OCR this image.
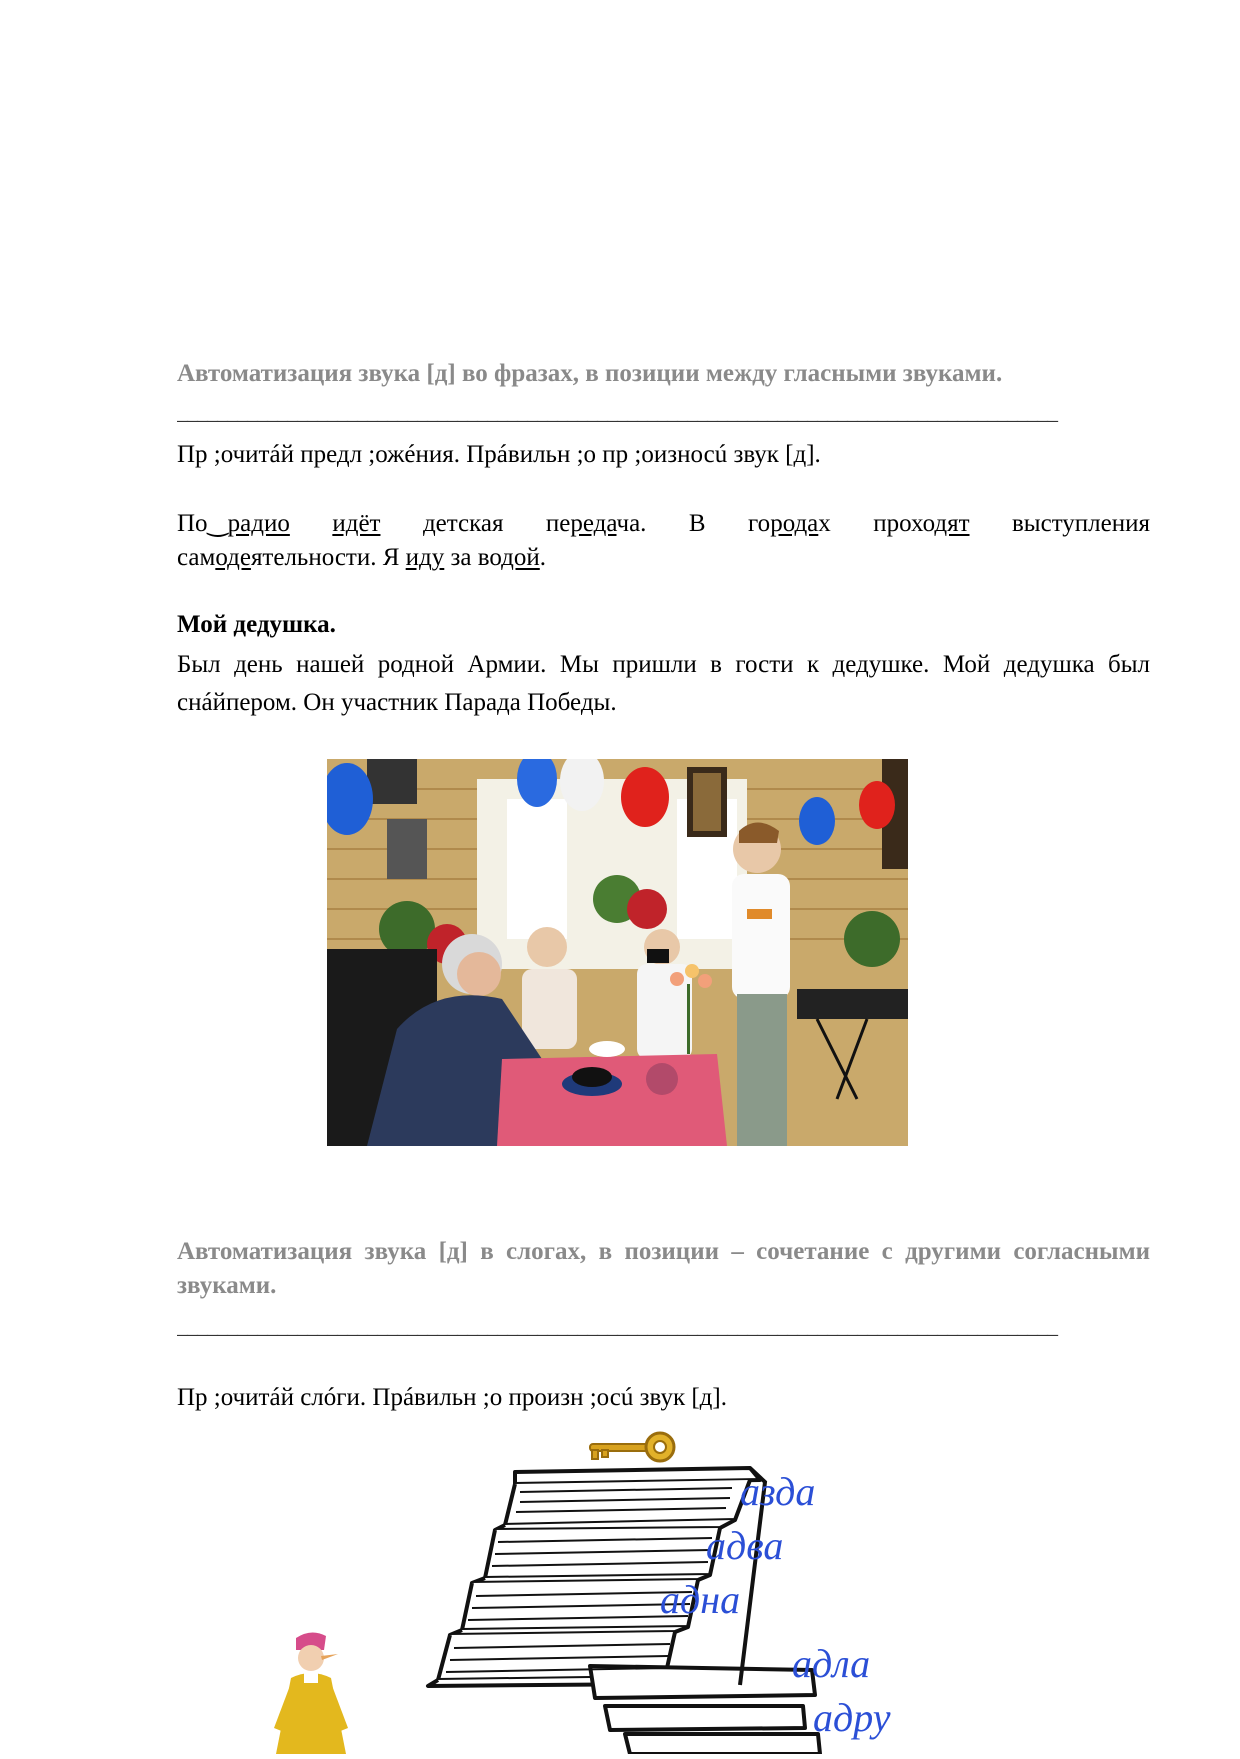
Автоматизация звука [д] во фразах, в позиции между гласными звуками.
________________________________________________________________________________________
Пр ;очитáй предл ;ожéния. Прáвильн ;о пр ;оизносú звук [д].
По‿радио идёт детская передача. В городах проходят выступления
самодеятельности. Я иду за водой.
Мой дедушка.
Был день нашей родной Армии. Мы пришли в гости к дедушке. Мой дедушка был снáйпером. Он участник Парада Победы.
Автоматизация звука [д] в слогах, в позиции – сочетание с другими согласными звуками.
________________________________________________________________________________________
Пр ;очитáй слóги. Прáвильн ;о произн ;осú звук [д].
азда
адва
адна
адла
адру
